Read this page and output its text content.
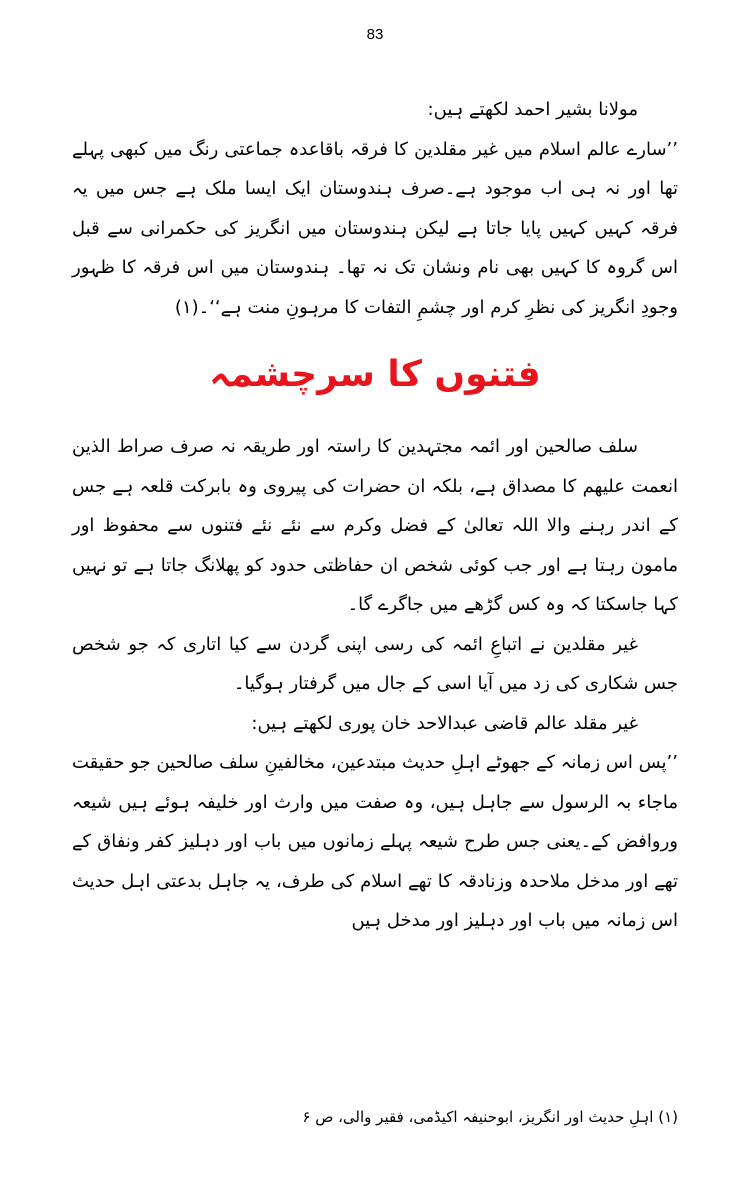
83

مولانا بشیر احمد لکھتے ہیں:

’’سارے عالم اسلام میں غیر مقلدین کا فرقہ باقاعدہ جماعتی رنگ میں کبھی پہلے تھا اور نہ ہی اب موجود ہے۔صرف ہندوستان ایک ایسا ملک ہے جس میں یہ فرقہ کہیں کہیں پایا جاتا ہے لیکن ہندوستان میں انگریز کی حکمرانی سے قبل اس گروہ کا کہیں بھی نام ونشان تک نہ تھا۔ ہندوستان میں اس فرقہ کا ظہور وجودِ انگریز کی نظرِ کرم اور چشمِ التفات کا مرہونِ منت ہے‘‘۔(۱)

فتنوں کا سرچشمہ

سلف صالحین اور ائمہ مجتہدین کا راستہ اور طریقہ نہ صرف صراط الذین انعمت علیھم کا مصداق ہے، بلکہ ان حضرات کی پیروی وہ بابرکت قلعہ ہے جس کے اندر رہنے والا اللہ تعالیٰ کے فضل وکرم سے نئے نئے فتنوں سے محفوظ اور مامون رہتا ہے اور جب کوئی شخص ان حفاظتی حدود کو پھلانگ جاتا ہے تو نہیں کہا جاسکتا کہ وہ کس گڑھے میں جاگرے گا۔

غیر مقلدین نے اتباعِ ائمہ کی رسی اپنی گردن سے کیا اتاری کہ جو شخص جس شکاری کی زد میں آیا اسی کے جال میں گرفتار ہوگیا۔

غیر مقلد عالم قاضی عبدالاحد خان پوری لکھتے ہیں:

’’پس اس زمانہ کے جھوٹے اہلِ حدیث مبتدعین، مخالفینِ سلف صالحین جو حقیقت ماجاء بہ الرسول سے جاہل ہیں، وہ صفت میں وارث اور خلیفہ ہوئے ہیں شیعہ وروافض کے۔یعنی جس طرح شیعہ پہلے زمانوں میں باب اور دہلیز کفر ونفاق کے تھے اور مدخل ملاحدہ وزنادقہ کا تھے اسلام کی طرف، یہ جاہل بدعتی اہل حدیث اس زمانہ میں باب اور دہلیز اور مدخل ہیں

(۱) اہلِ حدیث اور انگریز، ابوحنیفہ اکیڈمی، فقیر والی، ص ۶
